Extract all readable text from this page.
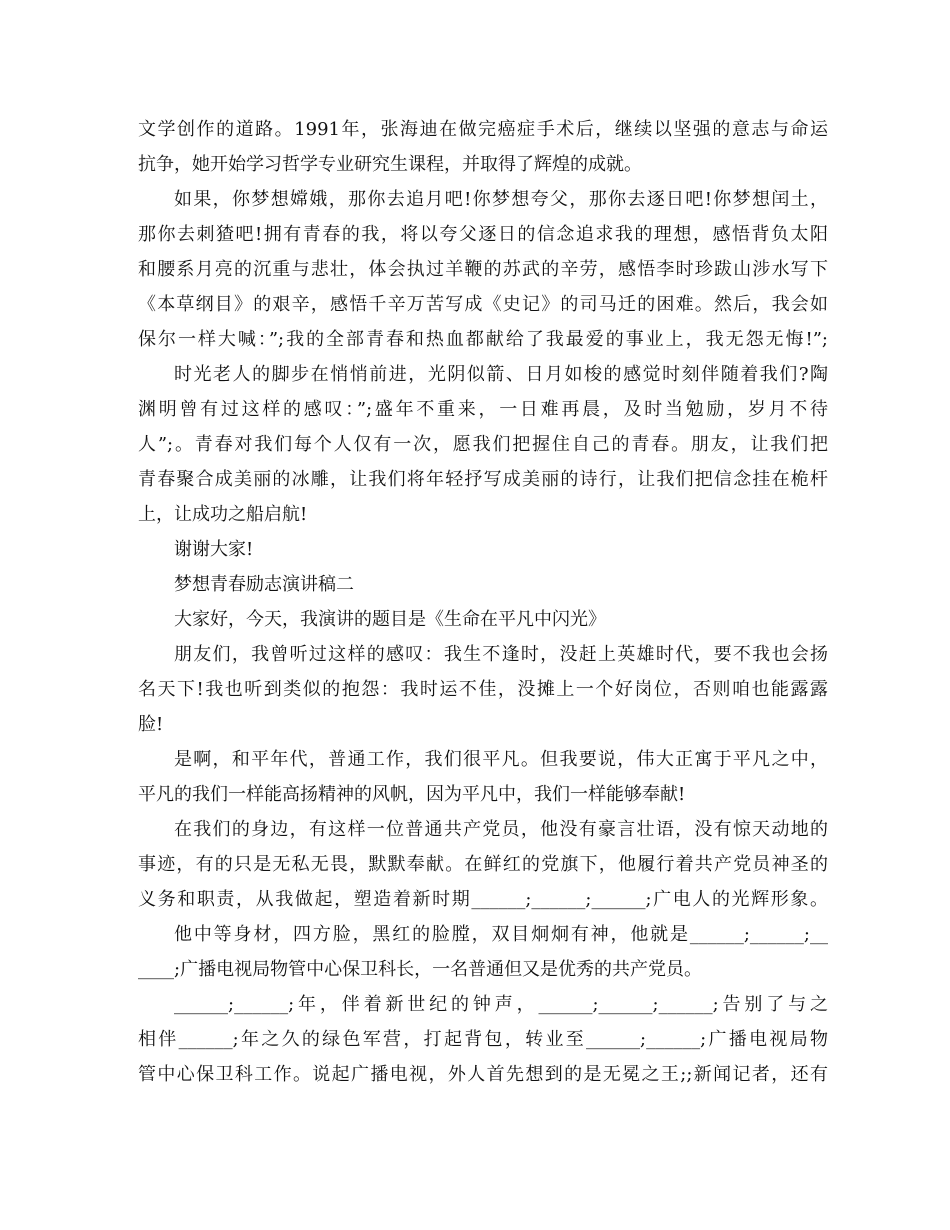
文学创作的道路。1991年，张海迪在做完癌症手术后，继续以坚强的意志与命运
抗争，她开始学习哲学专业研究生课程，并取得了辉煌的成就。
如果，你梦想嫦娥，那你去追月吧!你梦想夸父，那你去逐日吧!你梦想闰土，
那你去刺猹吧!拥有青春的我，将以夸父逐日的信念追求我的理想，感悟背负太阳
和腰系月亮的沉重与悲壮，体会执过羊鞭的苏武的辛劳，感悟李时珍跋山涉水写下
《本草纲目》的艰辛，感悟千辛万苦写成《史记》的司马迁的困难。然后，我会如
保尔一样大喊：”;我的全部青春和热血都献给了我最爱的事业上，我无怨无悔!”;
时光老人的脚步在悄悄前进，光阴似箭、日月如梭的感觉时刻伴随着我们?陶
渊明曾有过这样的感叹：”;盛年不重来，一日难再晨，及时当勉励，岁月不待
人”;。青春对我们每个人仅有一次，愿我们把握住自己的青春。朋友，让我们把
青春聚合成美丽的冰雕，让我们将年轻抒写成美丽的诗行，让我们把信念挂在桅杆
上，让成功之船启航!
谢谢大家!
梦想青春励志演讲稿二
大家好，今天，我演讲的题目是《生命在平凡中闪光》
朋友们，我曾听过这样的感叹：我生不逢时，没赶上英雄时代，要不我也会扬
名天下!我也听到类似的抱怨：我时运不佳，没摊上一个好岗位，否则咱也能露露
脸!
是啊，和平年代，普通工作，我们很平凡。但我要说，伟大正寓于平凡之中，
平凡的我们一样能高扬精神的风帆，因为平凡中，我们一样能够奉献!
在我们的身边，有这样一位普通共产党员，他没有豪言壮语，没有惊天动地的
事迹，有的只是无私无畏，默默奉献。在鲜红的党旗下，他履行着共产党员神圣的
义务和职责，从我做起，塑造着新时期______;______;______;广电人的光辉形象。
他中等身材，四方脸，黑红的脸膛，双目炯炯有神，他就是______;______;__
____;广播电视局物管中心保卫科长，一名普通但又是优秀的共产党员。
______;______;年，伴着新世纪的钟声，______;______;______;告别了与之
相伴______;年之久的绿色军营，打起背包，转业至______;______;广播电视局物
管中心保卫科工作。说起广播电视，外人首先想到的是无冕之王;;新闻记者，还有
